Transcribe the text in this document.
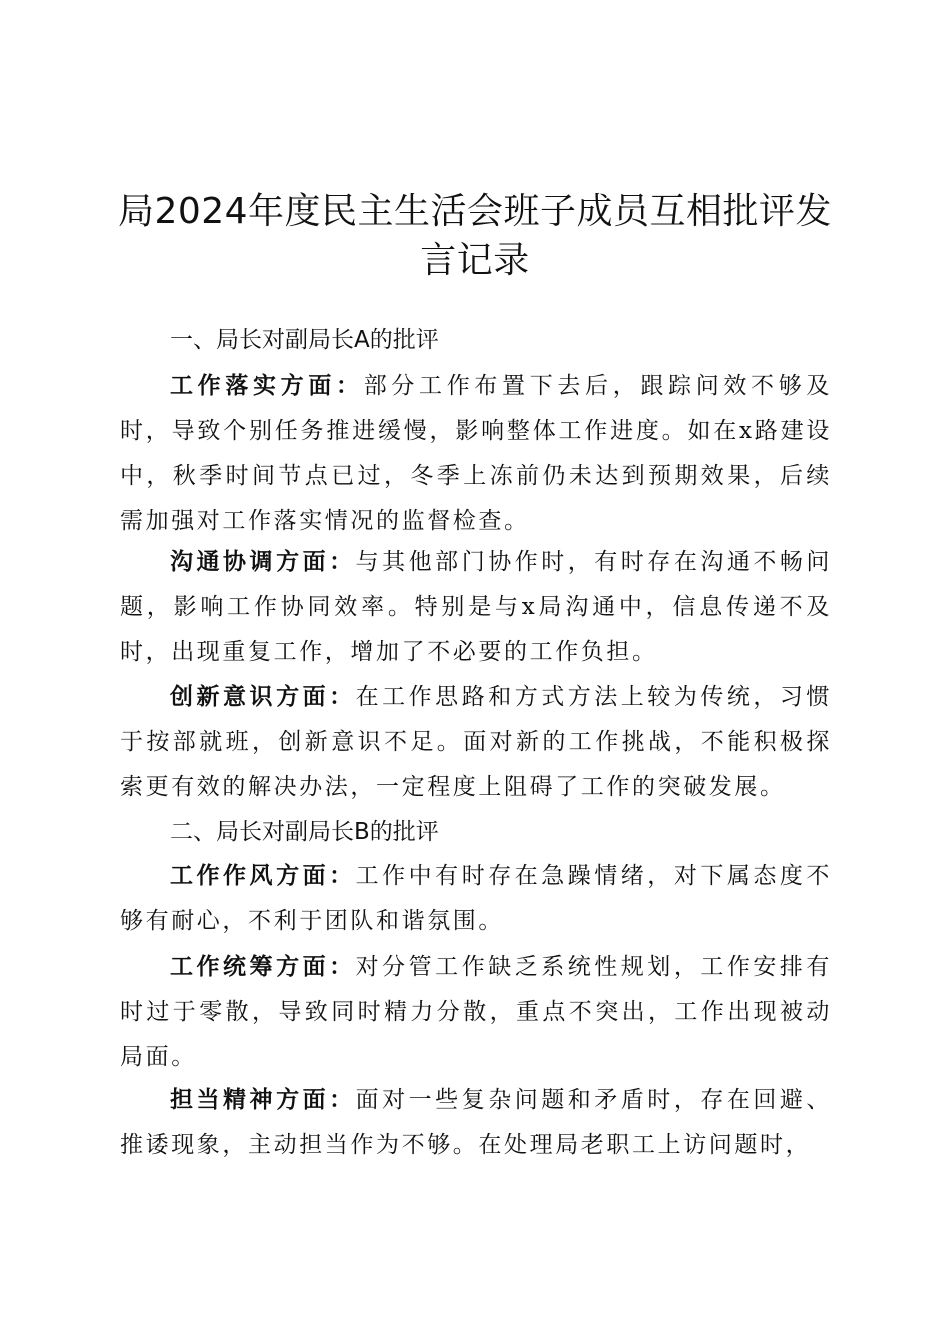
局2024年度民主生活会班子成员互相批评发言记录
一、局长对副局长A的批评

工作落实方面：部分工作布置下去后，跟踪问效不够及时，导致个别任务推进缓慢，影响整体工作进度。如在x路建设中，秋季时间节点已过，冬季上冻前仍未达到预期效果，后续需加强对工作落实情况的监督检查。

沟通协调方面：与其他部门协作时，有时存在沟通不畅问题，影响工作协同效率。特别是与x局沟通中，信息传递不及时，出现重复工作，增加了不必要的工作负担。

创新意识方面：在工作思路和方式方法上较为传统，习惯于按部就班，创新意识不足。面对新的工作挑战，不能积极探索更有效的解决办法，一定程度上阻碍了工作的突破发展。

二、局长对副局长B的批评

工作作风方面：工作中有时存在急躁情绪，对下属态度不够有耐心，不利于团队和谐氛围。

工作统筹方面：对分管工作缺乏系统性规划，工作安排有时过于零散，导致同时精力分散，重点不突出，工作出现被动局面。

担当精神方面：面对一些复杂问题和矛盾时，存在回避、推诿现象，主动担当作为不够。在处理局老职工上访问题时，
